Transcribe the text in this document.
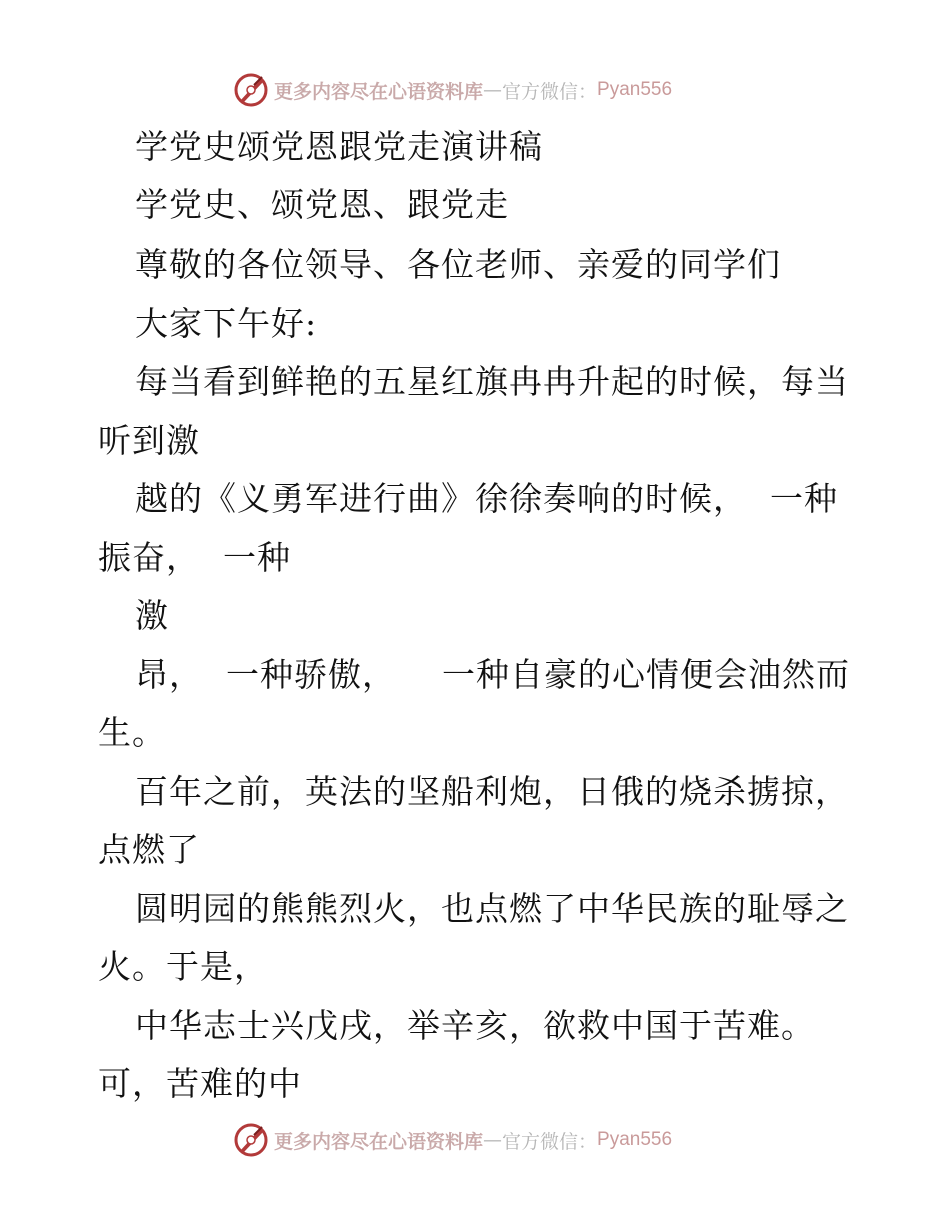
更多内容尽在心语资料库 — 官方微信： Pyan556
学党史颂党恩跟党走演讲稿
学党史、颂党恩、跟党走
尊敬的各位领导、各位老师、亲爱的同学们
大家下午好:
每当看到鲜艳的五星红旗冉冉升起的时候，每当
听到激
越的《义勇军进行曲》徐徐奏响的时候，  一种
振奋，  一种
激
昂，  一种骄傲，    一种自豪的心情便会油然而
生。
百年之前，英法的坚船利炮，日俄的烧杀掳掠，
点燃了
圆明园的熊熊烈火，也点燃了中华民族的耻辱之
火。于是，
中华志士兴戊戌，举辛亥，欲救中国于苦难。
可，苦难的中
更多内容尽在心语资料库 — 官方微信： Pyan556
